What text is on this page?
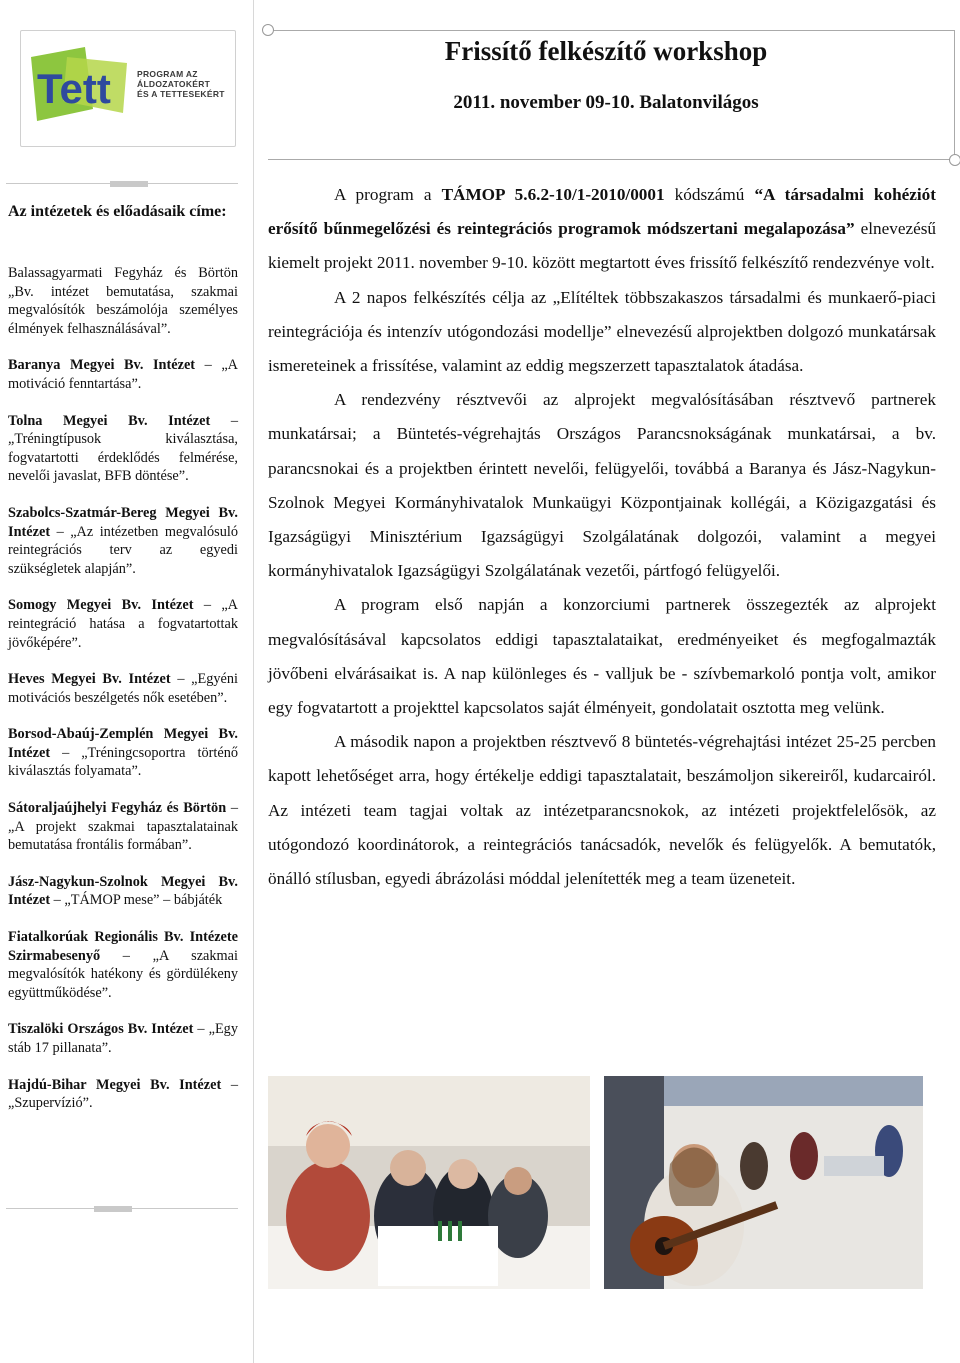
Tett	PROGRAM AZ
ÁLDOZATOKÉRT
ÉS A TETTESEKÉRT
Az intézetek és előadásaik címe:
Balassagyarmati Fegyház és Börtön „Bv. intézet bemutatása, szakmai megvalósítók beszámolója személyes élmények felhasználásával”.
Baranya Megyei Bv. Intézet – „A motiváció fenntartása”.
Tolna Megyei Bv. Intézet – „Tréningtípusok kiválasztása, fogvatartotti érdeklődés felmérése, nevelői javaslat, BFB döntése”.
Szabolcs-Szatmár-Bereg Megyei Bv. Intézet – „Az intézetben megvalósuló reintegrációs terv az egyedi szükségletek alapján”.
Somogy Megyei Bv. Intézet – „A reintegráció hatása a fogvatartottak jövőképére”.
Heves Megyei Bv. Intézet – „Egyéni motivációs beszélgetés nők esetében”.
Borsod-Abaúj-Zemplén Megyei Bv. Intézet – „Tréningcsoportra történő kiválasztás folyamata”.
Sátoraljaújhelyi Fegyház és Börtön – „A projekt szakmai tapasztalatainak bemutatása frontális formában”.
Jász-Nagykun-Szolnok Megyei Bv. Intézet – „TÁMOP mese” – bábjáték
Fiatalkorúak Regionális Bv. Intézete Szirmabesenyő – „A szakmai megvalósítók hatékony és gördülékeny együttműködése”.
Tiszalöki Országos Bv. Intézet – „Egy stáb 17 pillanata”.
Hajdú-Bihar Megyei Bv. Intézet – „Szupervízió”.
Frissítő felkészítő workshop
2011. november 09-10. Balatonvilágos

A program a TÁMOP 5.6.2-10/1-2010/0001 kódszámú “A társadalmi kohéziót erősítő bűnmegelőzési és reintegrációs programok módszertani megalapozása” elnevezésű kiemelt projekt 2011. november 9-10. között megtartott éves frissítő felkészítő rendezvénye volt.

A 2 napos felkészítés célja az „Elítéltek többszakaszos társadalmi és munkaerő-piaci reintegrációja és intenzív utógondozási modellje” elnevezésű alprojektben dolgozó munkatársak ismereteinek a frissítése, valamint az eddig megszerzett tapasztalatok átadása.

A rendezvény résztvevői az alprojekt megvalósításában résztvevő partnerek munkatársai; a Büntetés-végrehajtás Országos Parancsnokságának munkatársai, a bv. parancsnokai és a projektben érintett nevelői, felügyelői, továbbá a Baranya és Jász-Nagykun-Szolnok Megyei Kormányhivatalok Munkaügyi Központjainak kollégái, a Közigazgatási és Igazságügyi Minisztérium Igazságügyi Szolgálatának dolgozói, valamint a megyei kormányhivatalok Igazságügyi Szolgálatának vezetői, pártfogó felügyelői.

A program első napján a konzorciumi partnerek összegezték az alprojekt megvalósításával kapcsolatos eddigi tapasztalataikat, eredményeiket és megfogalmazták jövőbeni elvárásaikat is. A nap különleges és - valljuk be - szívbemarkoló pontja volt, amikor egy fogvatartott a projekttel kapcsolatos saját élményeit, gondolatait osztotta meg velünk.

A második napon a projektben résztvevő 8 büntetés-végrehajtási intézet 25-25 percben kapott lehetőséget arra, hogy értékelje eddigi tapasztalatait, beszámoljon sikereiről, kudarcairól. Az intézeti team tagjai voltak az intézetparancsnokok, az intézeti projektfelelősök, az utógondozó koordinátorok, a reintegrációs tanácsadók, nevelők és felügyelők. A bemutatók, önálló stílusban, egyedi ábrázolási móddal jelenítették meg a team üzeneteit.
